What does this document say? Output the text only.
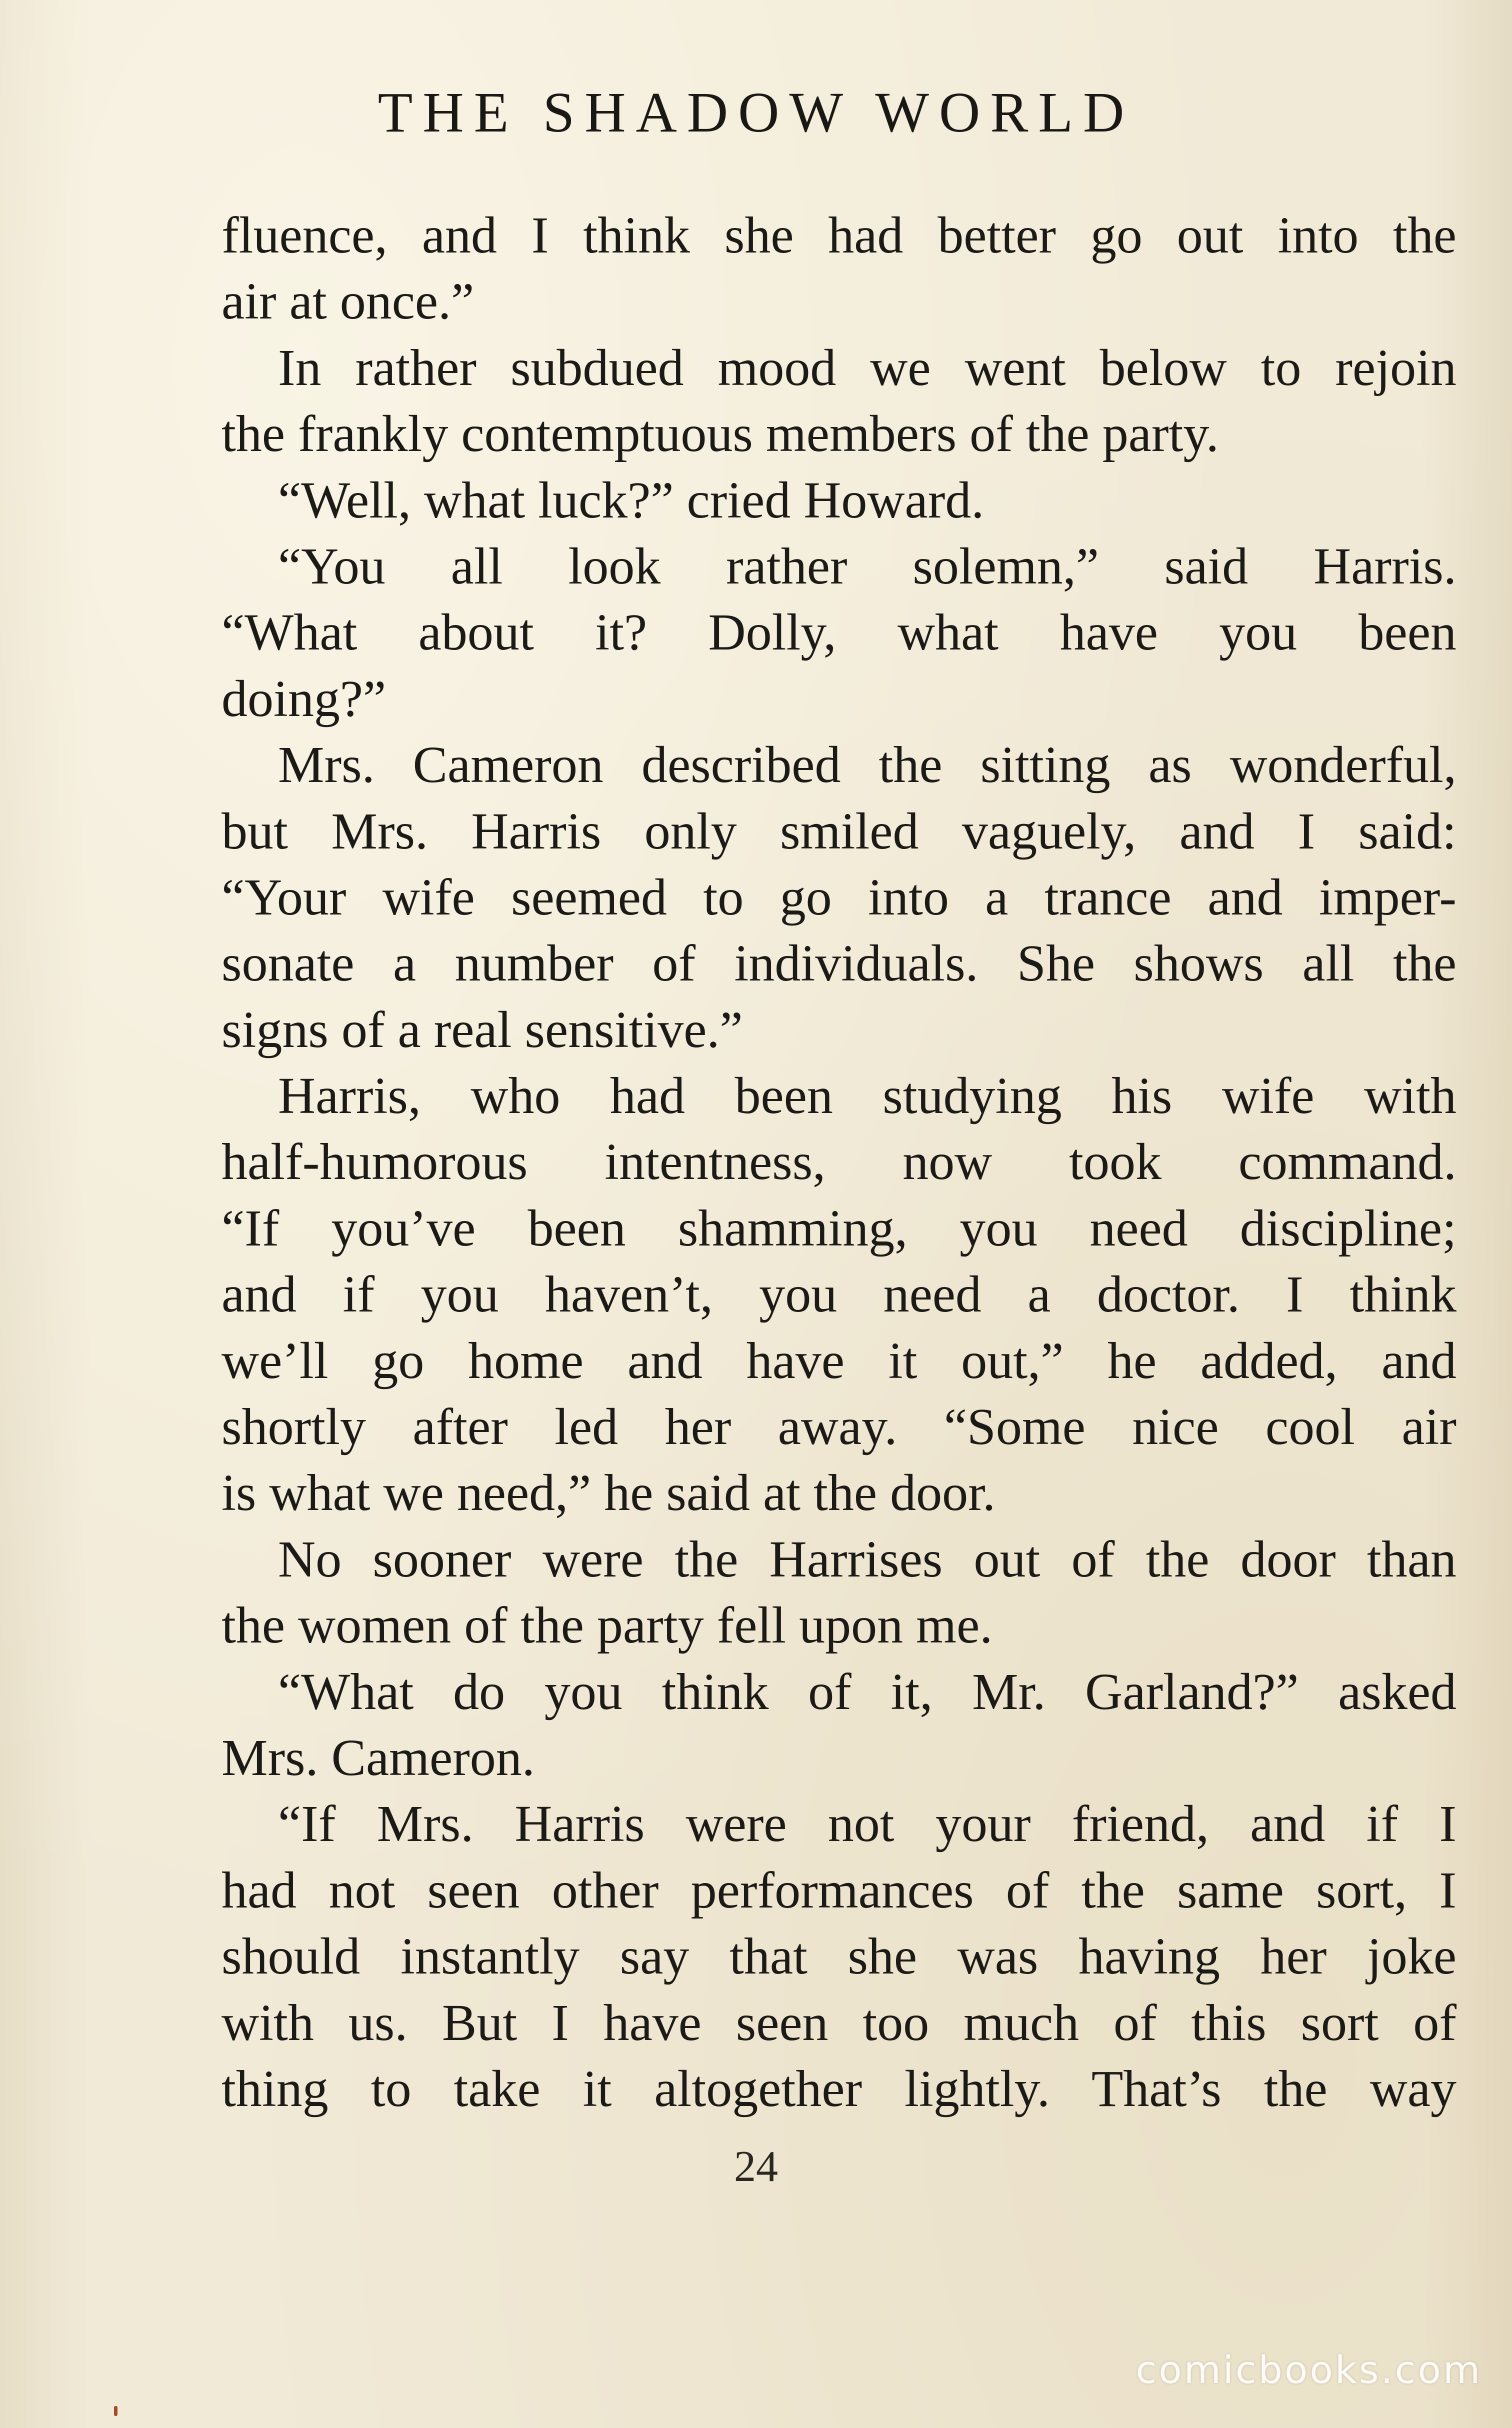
THE SHADOW WORLD
fluence, and I think she had better go out into the
air at once.”
In rather subdued mood we went below to rejoin
the frankly contemptuous members of the party.
“Well, what luck?” cried Howard.
“You all look rather solemn,” said Harris.
“What about it? Dolly, what have you been
doing?”
Mrs. Cameron described the sitting as wonderful,
but Mrs. Harris only smiled vaguely, and I said:
“Your wife seemed to go into a trance and imper-
sonate a number of individuals. She shows all the
signs of a real sensitive.”
Harris, who had been studying his wife with
half-humorous intentness, now took command.
“If you’ve been shamming, you need discipline;
and if you haven’t, you need a doctor. I think
we’ll go home and have it out,” he added, and
shortly after led her away. “Some nice cool air
is what we need,” he said at the door.
No sooner were the Harrises out of the door than
the women of the party fell upon me.
“What do you think of it, Mr. Garland?” asked
Mrs. Cameron.
“If Mrs. Harris were not your friend, and if I
had not seen other performances of the same sort, I
should instantly say that she was having her joke
with us. But I have seen too much of this sort of
thing to take it altogether lightly. That’s the way
24
comicbooks.com
